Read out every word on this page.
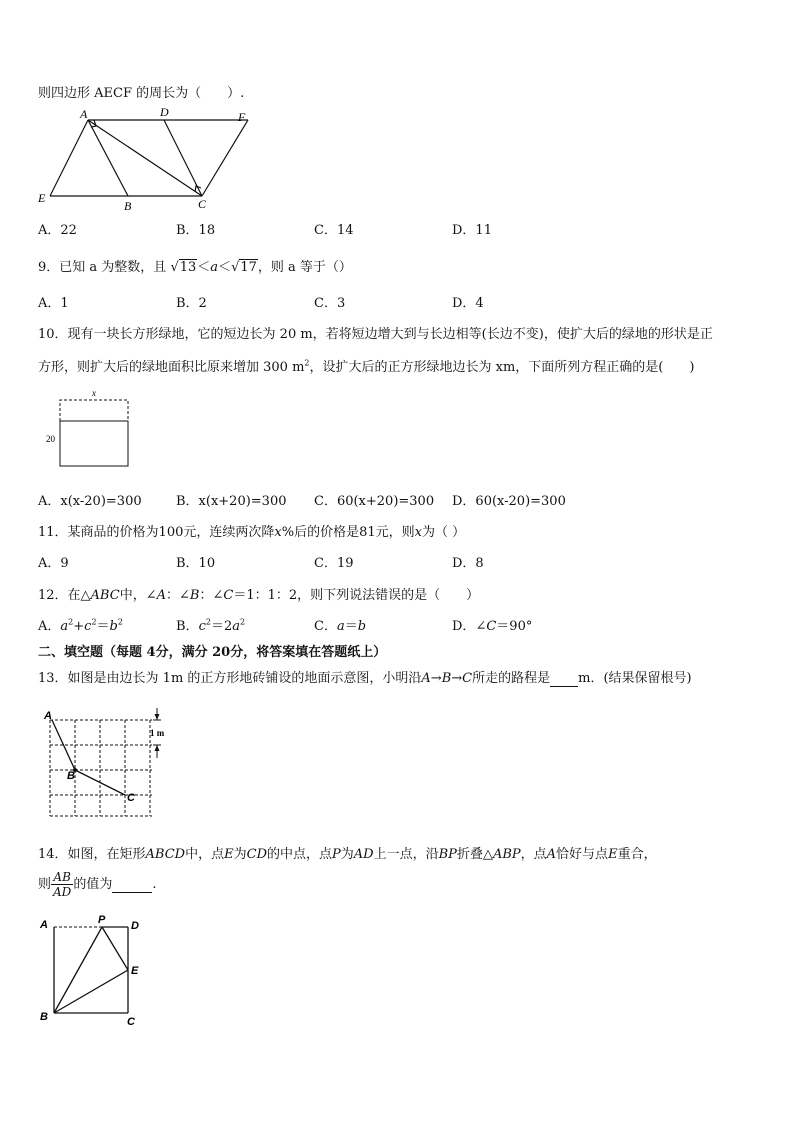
则四边形 AECF 的周长为（　　）.
A	D	F
E
B	C
A．22	B．18	C．14	D．11
9．已知 a 为整数，且 √13＜a＜√17，则 a 等于（）
A．1	B．2	C．3	D．4
10．现有一块长方形绿地，它的短边长为 20 m，若将短边增大到与长边相等(长边不变)，使扩大后的绿地的形状是正
方形，则扩大后的绿地面积比原来增加 300 $m^2$，设扩大后的正方形绿地边长为 xm，下面所列方程正确的是(　　)
x
20
A．x(x-20)=300	B．x(x+20)=300 C．60(x+20)=300 D．60(x-20)=300
11．某商品的价格为100元，连续两次降x%后的价格是81元，则x为（ ）
A．9	B．10	C．19	D．8
12．在△ABC中，∠A：∠B：∠C＝1：1：2，则下列说法错误的是（　　）
A．$a^2+c^2=b^2$	B．$c^2=2a^2$	C．a＝b	D．∠C＝90°
二、填空题（每题 4分，满分 20分，将答案填在答题纸上）
13．如图是由边长为 1m 的正方形地砖铺设的地面示意图，小明沿A→B→C所走的路程是 m．(结果保留根号)
1 m
A
B
C
14．如图，在矩形ABCD中，点E为CD的中点，点P为AD上一点，沿BP折叠△ABP，点A恰好与点E重合，
则 $\frac{AB}{AD}$ 的值为	.
A	P D
E
B	C
